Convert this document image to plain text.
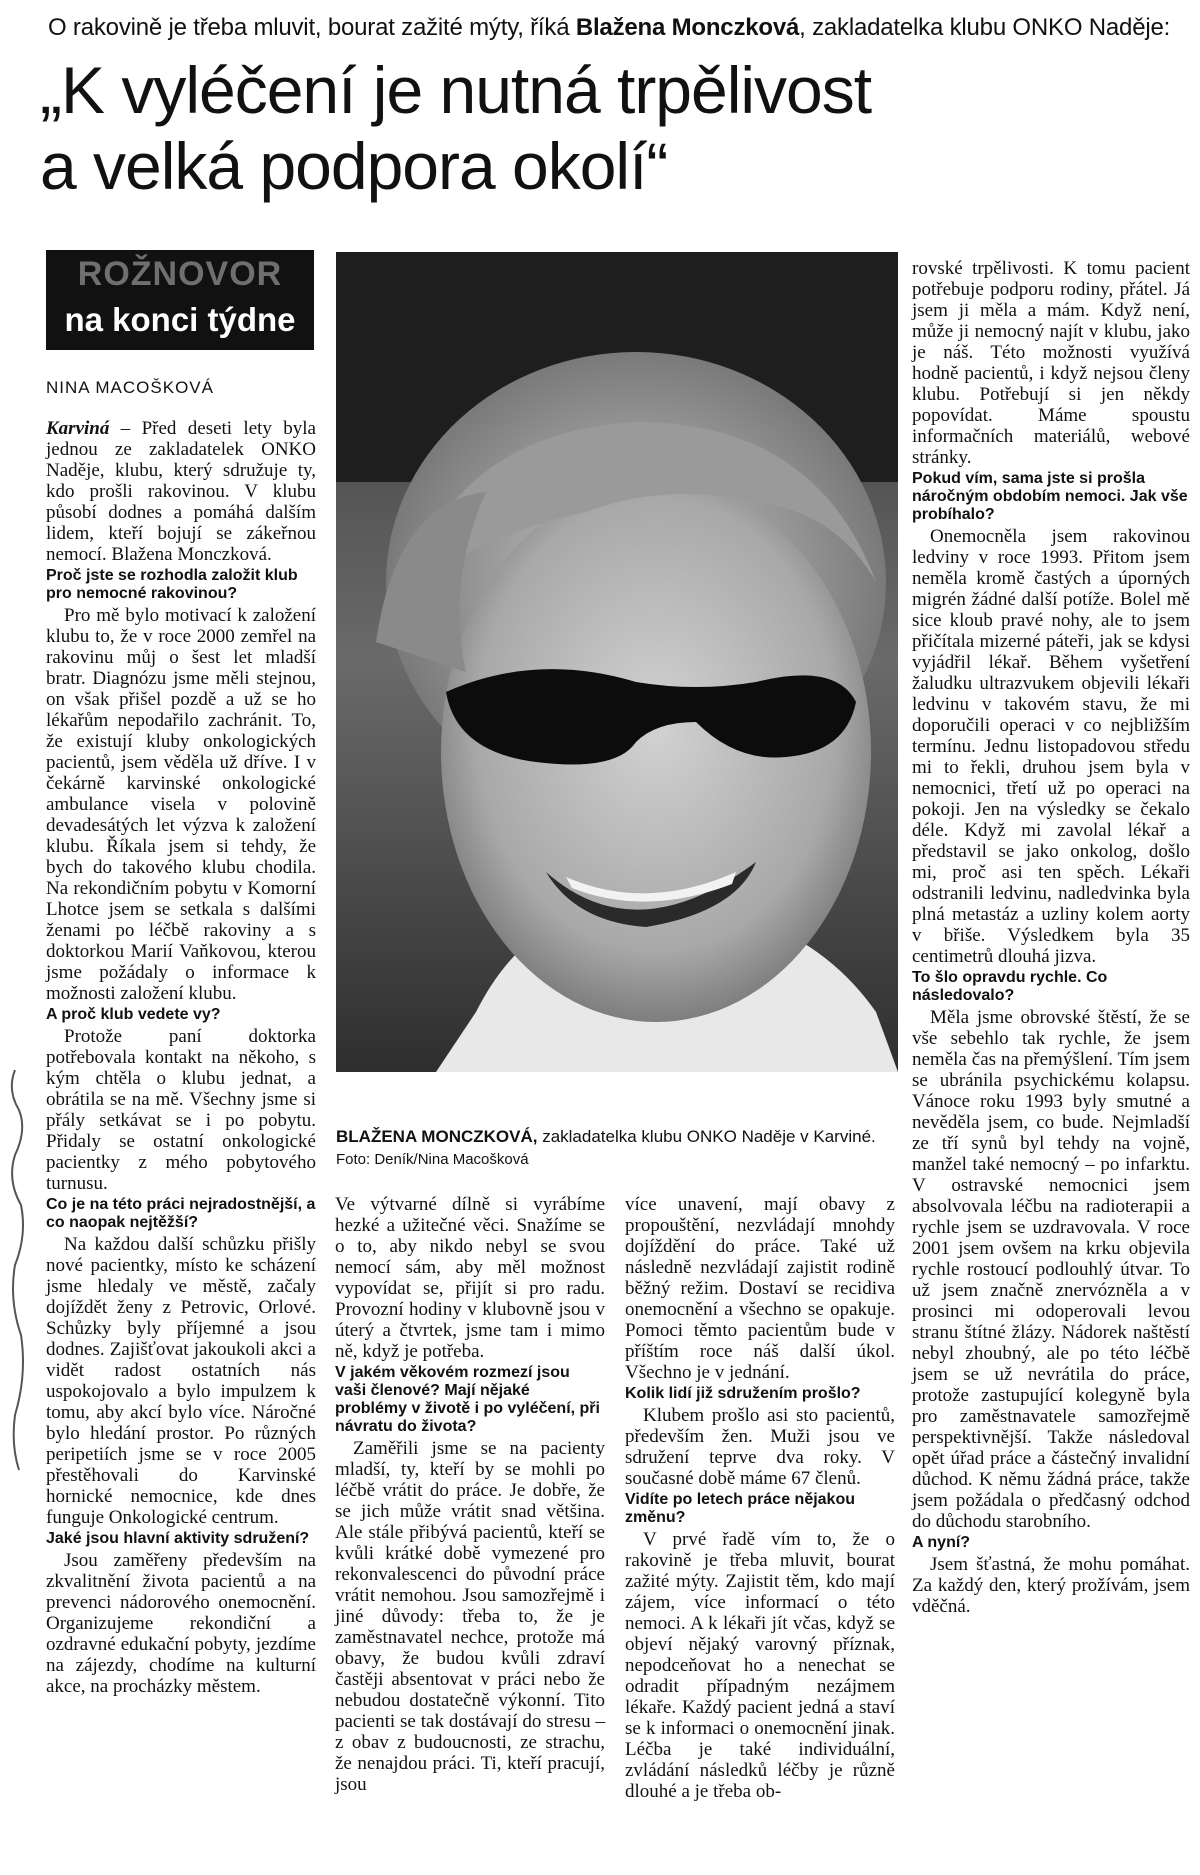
O rakovině je třeba mluvit, bourat zažité mýty, říká Blažena Monczková, zakladatelka klubu ONKO Naděje:
„K vyléčení je nutná trpělivost
a velká podpora okolí“
ROŽNOVOR
na konci týdne
NINA MACOŠKOVÁ

Karviná – Před deseti lety byla jednou ze zakladatelek ONKO Naděje, klubu, který sdružuje ty, kdo prošli rakovinou. V klubu působí dodnes a pomáhá dalším lidem, kteří bojují se zákeřnou nemocí. Blažena Monczková.

Proč jste se rozhodla založit klub pro nemocné rakovinou?

Pro mě bylo motivací k založení klubu to, že v roce 2000 zemřel na rakovinu můj o šest let mladší bratr. Diagnózu jsme měli stejnou, on však přišel pozdě a už se ho lékařům nepodařilo zachránit. To, že existují kluby onkologických pacientů, jsem věděla už dříve. I v čekárně karvinské onkologické ambulance visela v polovině devadesátých let výzva k založení klubu. Říkala jsem si tehdy, že bych do takového klubu chodila. Na rekondičním pobytu v Komorní Lhotce jsem se setkala s dalšími ženami po léčbě rakoviny a s doktorkou Marií Vaňkovou, kterou jsme požádaly o informace k možnosti založení klubu.

A proč klub vedete vy?

Protože paní doktorka potřebovala kontakt na někoho, s kým chtěla o klubu jednat, a obrátila se na mě. Všechny jsme si přály setkávat se i po pobytu. Přidaly se ostatní onkologické pacientky z mého pobytového turnusu.

Co je na této práci nejradostnější, a co naopak nejtěžší?

Na každou další schůzku přišly nové pacientky, místo ke scházení jsme hledaly ve městě, začaly dojíždět ženy z Petrovic, Orlové. Schůzky byly příjemné a jsou dodnes. Zajišťovat jakoukoli akci a vidět radost ostatních nás uspokojovalo a bylo impulzem k tomu, aby akcí bylo více. Náročné bylo hledání prostor. Po různých peripetiích jsme se v roce 2005 přestěhovali do Karvinské hornické nemocnice, kde dnes funguje Onkologické centrum.

Jaké jsou hlavní aktivity sdružení?

Jsou zaměřeny především na zkvalitnění života pacientů a na prevenci nádorového onemocnění. Organizujeme rekondiční a ozdravné edukační pobyty, jezdíme na zájezdy, chodíme na kulturní akce, na procházky městem.

BLAŽENA MONCZKOVÁ, zakladatelka klubu ONKO Naděje v Karviné.
Foto: Deník/Nina Macošková

Ve výtvarné dílně si vyrábíme hezké a užitečné věci. Snažíme se o to, aby nikdo nebyl se svou nemocí sám, aby měl možnost vypovídat se, přijít si pro radu. Provozní hodiny v klubovně jsou v úterý a čtvrtek, jsme tam i mimo ně, když je potřeba.

V jakém věkovém rozmezí jsou vaši členové? Mají nějaké problémy v životě i po vyléčení, při návratu do života?

Zaměřili jsme se na pacienty mladší, ty, kteří by se mohli po léčbě vrátit do práce. Je dobře, že se jich může vrátit snad většina. Ale stále přibývá pacientů, kteří se kvůli krátké době vymezené pro rekonvalescenci do původní práce vrátit nemohou. Jsou samozřejmě i jiné důvody: třeba to, že je zaměstnavatel nechce, protože má obavy, že budou kvůli zdraví častěji absentovat v práci nebo že nebudou dostatečně výkonní. Tito pacienti se tak dostávají do stresu – z obav z budoucnosti, ze strachu, že nenajdou práci. Ti, kteří pracují, jsou

více unavení, mají obavy z propouštění, nezvládají mnohdy dojíždění do práce. Také už následně nezvládají zajistit rodině běžný režim. Dostaví se recidiva onemocnění a všechno se opakuje. Pomoci těmto pacientům bude v příštím roce náš další úkol. Všechno je v jednání.

Kolik lidí již sdružením prošlo?

Klubem prošlo asi sto pacientů, především žen. Muži jsou ve sdružení teprve dva roky. V současné době máme 67 členů.

Vidíte po letech práce nějakou změnu?

V prvé řadě vím to, že o rakovině je třeba mluvit, bourat zažité mýty. Zajistit těm, kdo mají zájem, více informací o této nemoci. A k lékaři jít včas, když se objeví nějaký varovný příznak, nepodceňovat ho a nenechat se odradit případným nezájmem lékaře. Každý pacient jedná a staví se k informaci o onemocnění jinak. Léčba je také individuální, zvládání následků léčby je různě dlouhé a je třeba ob-

rovské trpělivosti. K tomu pacient potřebuje podporu rodiny, přátel. Já jsem ji měla a mám. Když není, může ji nemocný najít v klubu, jako je náš. Této možnosti využívá hodně pacientů, i když nejsou členy klubu. Potřebují si jen někdy popovídat. Máme spoustu informačních materiálů, webové stránky.

Pokud vím, sama jste si prošla náročným obdobím nemoci. Jak vše probíhalo?

Onemocněla jsem rakovinou ledviny v roce 1993. Přitom jsem neměla kromě častých a úporných migrén žádné další potíže. Bolel mě sice kloub pravé nohy, ale to jsem přičítala mizerné páteři, jak se kdysi vyjádřil lékař. Během vyšetření žaludku ultrazvukem objevili lékaři ledvinu v takovém stavu, že mi doporučili operaci v co nejbližším termínu. Jednu listopadovou středu mi to řekli, druhou jsem byla v nemocnici, třetí už po operaci na pokoji. Jen na výsledky se čekalo déle. Když mi zavolal lékař a představil se jako onkolog, došlo mi, proč asi ten spěch. Lékaři odstranili ledvinu, nadledvinka byla plná metastáz a uzliny kolem aorty v břiše. Výsledkem byla 35 centimetrů dlouhá jizva.

To šlo opravdu rychle. Co následovalo?

Měla jsme obrovské štěstí, že se vše sebehlo tak rychle, že jsem neměla čas na přemýšlení. Tím jsem se ubránila psychickému kolapsu. Vánoce roku 1993 byly smutné a nevěděla jsem, co bude. Nejmladší ze tří synů byl tehdy na vojně, manžel také nemocný – po infarktu. V ostravské nemocnici jsem absolvovala léčbu na radioterapii a rychle jsem se uzdravovala. V roce 2001 jsem ovšem na krku objevila rychle rostoucí podlouhlý útvar. To už jsem značně znervózněla a v prosinci mi odoperovali levou stranu štítné žlázy. Nádorek naštěstí nebyl zhoubný, ale po této léčbě jsem se už nevrátila do práce, protože zastupující kolegyně byla pro zaměstnavatele samozřejmě perspektivnější. Takže následoval opět úřad práce a částečný invalidní důchod. K němu žádná práce, takže jsem požádala o předčasný odchod do důchodu starobního.

A nyní?

Jsem šťastná, že mohu pomáhat. Za každý den, který prožívám, jsem vděčná.
